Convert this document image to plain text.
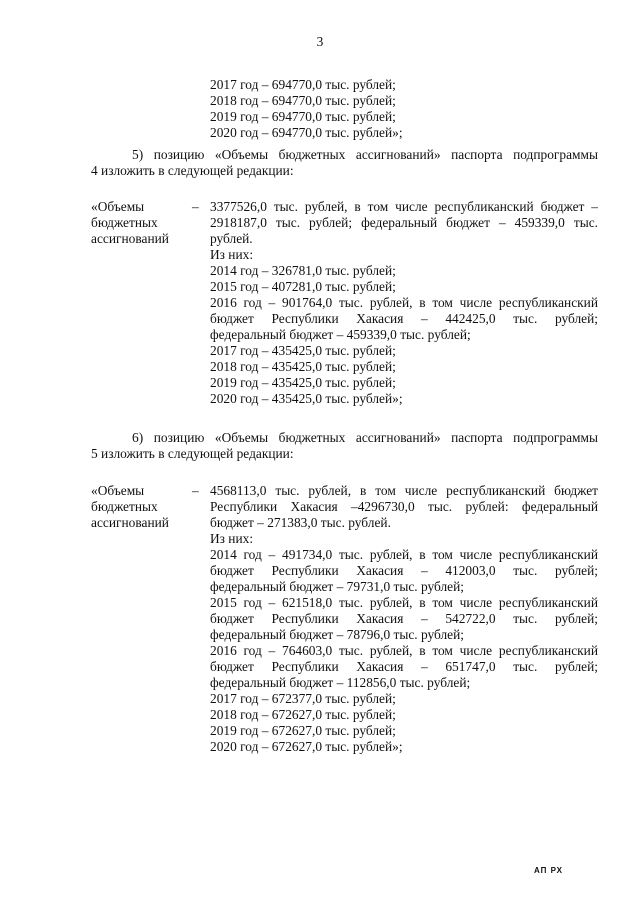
3
2017 год – 694770,0 тыс. рублей;
2018 год – 694770,0 тыс. рублей;
2019 год – 694770,0 тыс. рублей;
2020 год – 694770,0 тыс. рублей»;
5) позицию «Объемы бюджетных ассигнований» паспорта подпрограммы
4 изложить в следующей редакции:
«Объемы
бюджетных
ассигнований
– 3377526,0 тыс. рублей, в том числе республиканский бюджет –
2918187,0 тыс. рублей; федеральный бюджет – 459339,0 тыс.
рублей.
Из них:
2014 год – 326781,0 тыс. рублей;
2015 год – 407281,0 тыс. рублей;
2016 год – 901764,0 тыс. рублей, в том числе республиканский
бюджет Республики Хакасия – 442425,0 тыс. рублей;
федеральный бюджет – 459339,0 тыс. рублей;
2017 год – 435425,0 тыс. рублей;
2018 год – 435425,0 тыс. рублей;
2019 год – 435425,0 тыс. рублей;
2020 год – 435425,0 тыс. рублей»;
6) позицию «Объемы бюджетных ассигнований» паспорта подпрограммы
5 изложить в следующей редакции:
«Объемы
бюджетных
ассигнований
– 4568113,0 тыс. рублей, в том числе республиканский бюджет
Республики Хакасия –4296730,0 тыс. рублей: федеральный
бюджет – 271383,0 тыс. рублей.
Из них:
2014 год – 491734,0 тыс. рублей, в том числе республиканский
бюджет Республики Хакасия – 412003,0 тыс. рублей;
федеральный бюджет – 79731,0 тыс. рублей;
2015 год – 621518,0 тыс. рублей, в том числе республиканский
бюджет Республики Хакасия – 542722,0 тыс. рублей;
федеральный бюджет – 78796,0 тыс. рублей;
2016 год – 764603,0 тыс. рублей, в том числе республиканский
бюджет Республики Хакасия – 651747,0 тыс. рублей;
федеральный бюджет – 112856,0 тыс. рублей;
2017 год – 672377,0 тыс. рублей;
2018 год – 672627,0 тыс. рублей;
2019 год – 672627,0 тыс. рублей;
2020 год – 672627,0 тыс. рублей»;
АП РХ
